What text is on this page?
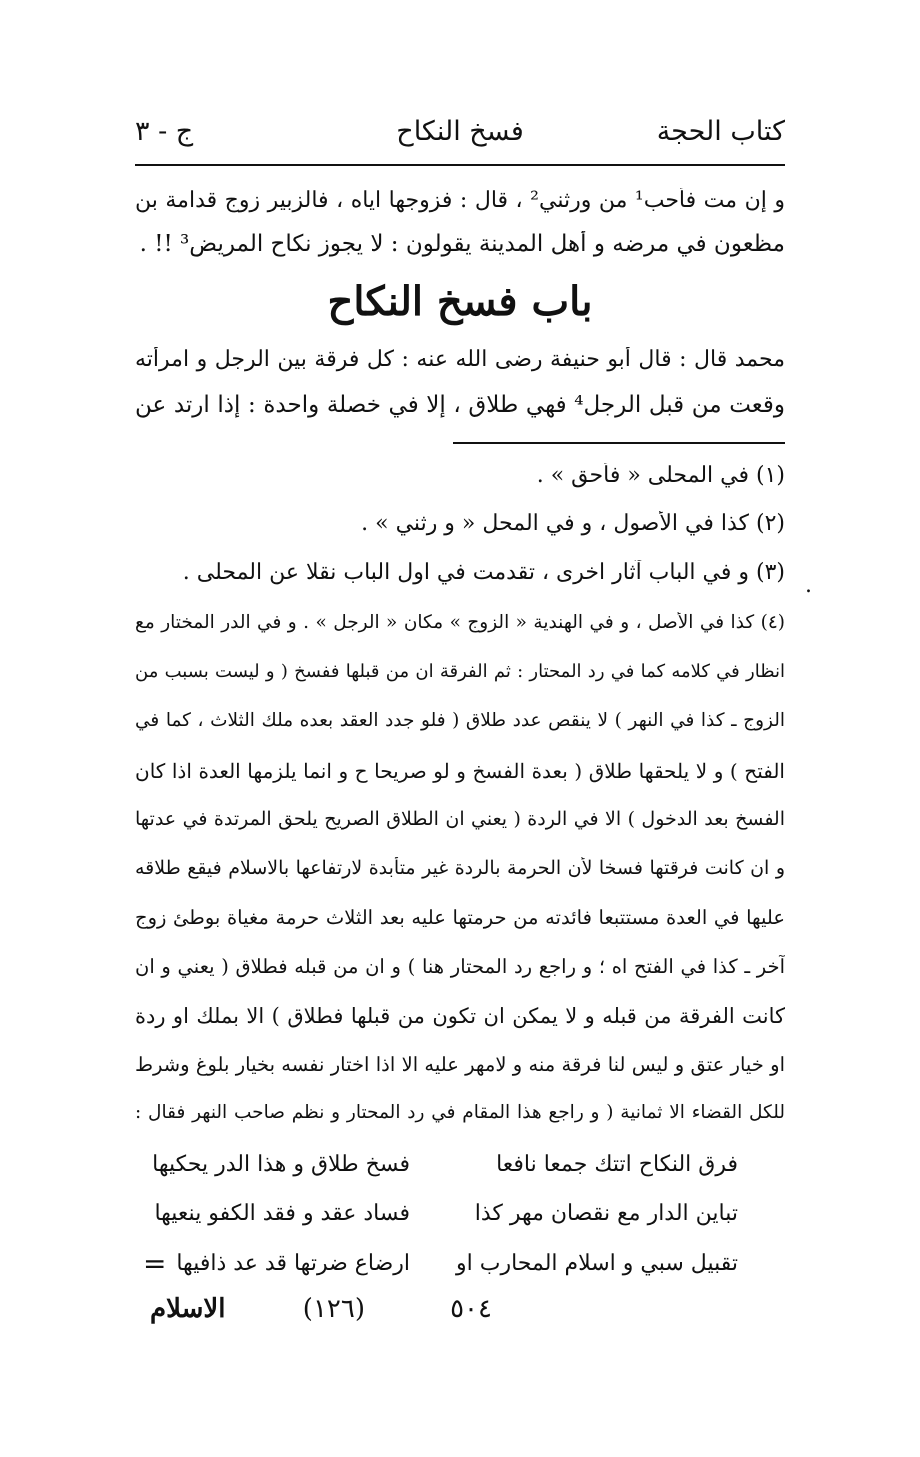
كتاب الحجة
فسخ النكاح
ج - ٣
و إن مت فأحب¹ من ورثني² ، قال : فزوجها اياه ، فالزبير زوج قدامة بن
مظعون في مرضه و أهل المدينة يقولون : لا يجوز نكاح المريض³ !! .
باب فسخ النكاح
محمد قال : قال أبو حنيفة رضى الله عنه : كل فرقة بين الرجل و امرأته
وقعت من قبل الرجل⁴ فهي طلاق ، إلا في خصلة واحدة : إذا ارتد عن
(١) في المحلى « فأحق » .
(٢) كذا في الأصول ، و في المحل « و رثني » .
(٣) و في الباب آثار اخرى ، تقدمت في اول الباب نقلا عن المحلى .
.
(٤) كذا في الأصل ، و في الهندية « الزوج » مكان « الرجل » . و في الدر المختار مع
انظار في كلامه كما في رد المحتار : ثم الفرقة ان من قبلها ففسخ ( و ليست بسبب من
الزوج ـ كذا في النهر ) لا ينقص عدد طلاق ( فلو جدد العقد بعده ملك الثلاث ، كما في
الفتح ) و لا يلحقها طلاق ( بعدة الفسخ و لو صريحا ح و انما يلزمها العدة اذا كان
الفسخ بعد الدخول ) الا في الردة ( يعني ان الطلاق الصريح يلحق المرتدة في عدتها
و ان كانت فرقتها فسخا لأن الحرمة بالردة غير متأبدة لارتفاعها بالاسلام فيقع طلاقه
عليها في العدة مستتبعا فائدته من حرمتها عليه بعد الثلاث حرمة مغياة بوطئ زوج
آخر ـ كذا في الفتح اه ؛ و راجع رد المحتار هنا ) و ان من قبله فطلاق ( يعني و ان
كانت الفرقة من قبله و لا يمكن ان تكون من قبلها فطلاق ) الا بملك او ردة
او خيار عتق و ليس لنا فرقة منه و لامهر عليه الا اذا اختار نفسه بخيار بلوغ وشرط
للكل القضاء الا ثمانية ( و راجع هذا المقام في رد المحتار و نظم صاحب النهر فقال :
فرق النكاح اتتك جمعا نافعا
فسخ طلاق و هذا الدر يحكيها
تباين الدار مع نقصان مهر كذا
فساد عقد و فقد الكفو ينعيها
تقبيل سبي و اسلام المحارب او
ارضاع ضرتها قد عد ذافيها
=
٥٠٤
(١٢٦)
الاسلام
